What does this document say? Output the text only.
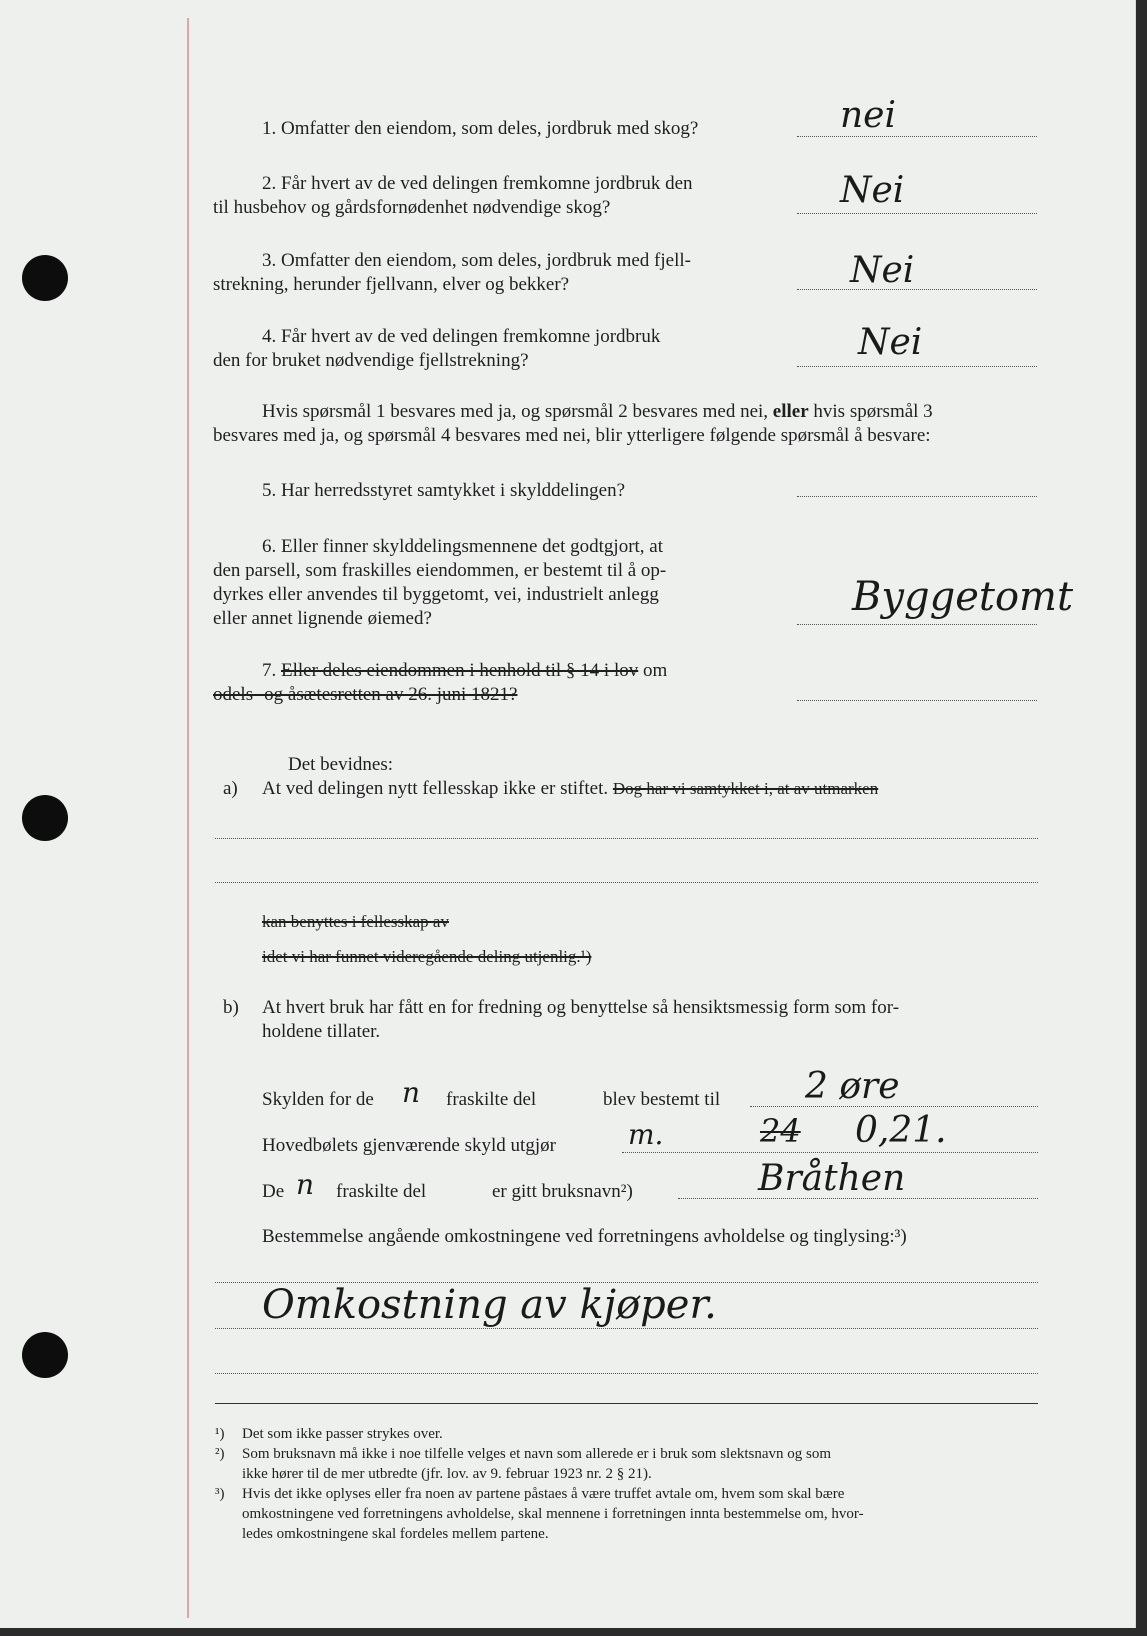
1. Omfatter den eiendom, som deles, jordbruk med skog?	nei
2. Får hvert av de ved delingen fremkomne jordbruk den
til husbehov og gårdsfornødenhet nødvendige skog?	Nei
3. Omfatter den eiendom, som deles, jordbruk med fjell-
strekning, herunder fjellvann, elver og bekker?	Nei
4. Får hvert av de ved delingen fremkomne jordbruk
den for bruket nødvendige fjellstrekning?	Nei
Hvis spørsmål 1 besvares med ja, og spørsmål 2 besvares med nei, eller hvis spørsmål 3
besvares med ja, og spørsmål 4 besvares med nei, blir ytterligere følgende spørsmål å besvare:
5. Har herredsstyret samtykket i skylddelingen?
6. Eller finner skylddelingsmennene det godtgjort, at
den parsell, som fraskilles eiendommen, er bestemt til å op-
dyrkes eller anvendes til byggetomt, vei, industrielt anlegg
eller annet lignende øiemed?	Byggetomt
7. Eller deles eiendommen i henhold til § 14 i lov om
odels- og åsætesretten av 26. juni 1821?
Det bevidnes:
a) At ved delingen nytt fellesskap ikke er stiftet. Dog har vi samtykket i, at av utmarken
kan benyttes i fellesskap av
idet vi har funnet videregående deling utjenlig.¹)
b) At hvert bruk har fått en for fredning og benyttelse så hensiktsmessig form som for-
holdene tillater.
Skylden for de n fraskilte del	blev bestemt til 2 øre
Hovedbølets gjenværende skyld utgjør	m.	24 0,21.
De n fraskilte del	er gitt bruksnavn²)	Bråthen
Bestemmelse angående omkostningene ved forretningens avholdelse og tinglysing:³)
Omkostning av kjøper.
¹) Det som ikke passer strykes over.
²) Som bruksnavn må ikke i noe tilfelle velges et navn som allerede er i bruk som slektsnavn og som
ikke hører til de mer utbredte (jfr. lov. av 9. februar 1923 nr. 2 § 21).
³) Hvis det ikke oplyses eller fra noen av partene påstaes å være truffet avtale om, hvem som skal bære
omkostningene ved forretningens avholdelse, skal mennene i forretningen innta bestemmelse om, hvor-
ledes omkostningene skal fordeles mellem partene.
